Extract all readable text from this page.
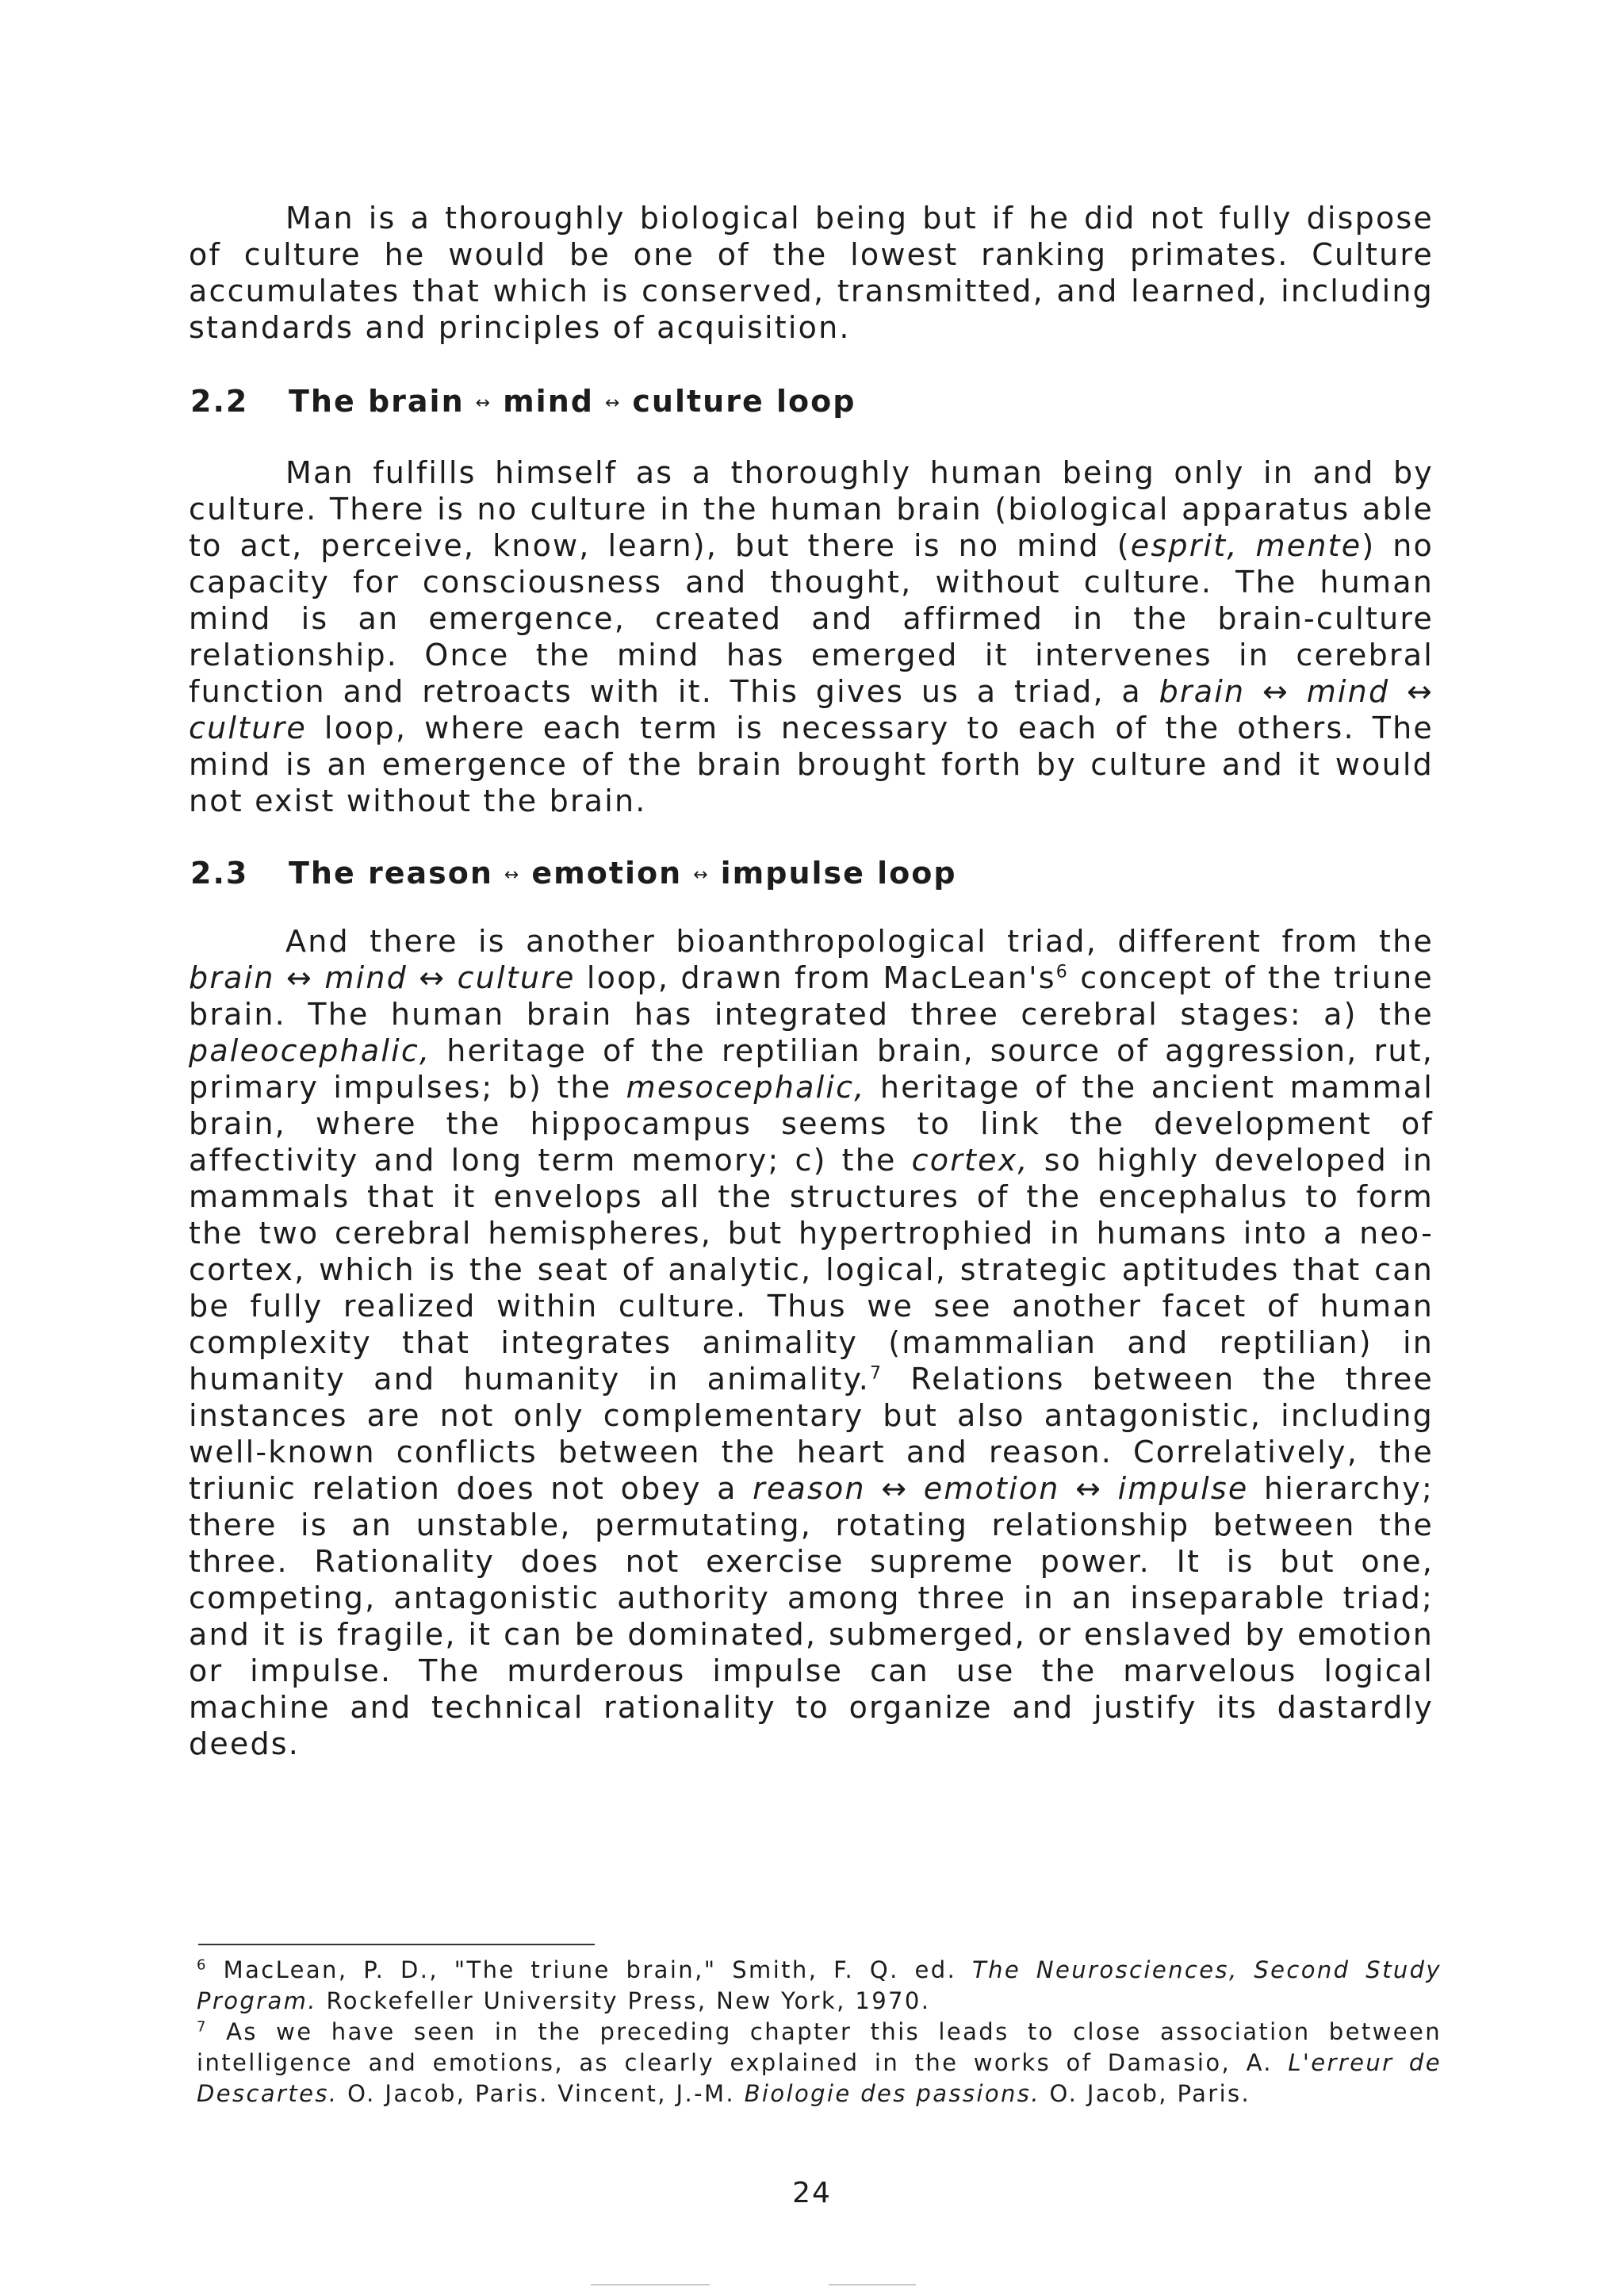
Man is a thoroughly biological being but if he did not fully dispose of culture he would be one of the lowest ranking primates. Culture accumulates that which is conserved, transmitted, and learned, including standards and principles of acquisition.

2.2 The brain ↔ mind ↔ culture loop

Man fulfills himself as a thoroughly human being only in and by culture. There is no culture in the human brain (biological apparatus able to act, perceive, know, learn), but there is no mind (esprit, mente) no capacity for consciousness and thought, without culture. The human mind is an emergence, created and affirmed in the brain-culture relationship. Once the mind has emerged it intervenes in cerebral function and retroacts with it. This gives us a triad, a brain ↔ mind ↔ culture loop, where each term is necessary to each of the others. The mind is an emergence of the brain brought forth by culture and it would not exist without the brain.

2.3 The reason ↔ emotion ↔ impulse loop

And there is another bioanthropological triad, different from the brain ↔ mind ↔ culture loop, drawn from $MacLean's^6$ concept of the triune brain. The human brain has integrated three cerebral stages: a) the paleocephalic, heritage of the reptilian brain, source of aggression, rut, primary impulses; b) the mesocephalic, heritage of the ancient mammal brain, where the hippocampus seems to link the development of affectivity and long term memory; c) the cortex, so highly developed in mammals that it envelops all the structures of the encephalus to form the two cerebral hemispheres, but hypertrophied in humans into a neo-cortex, which is the seat of analytic, logical, strategic aptitudes that can be fully realized within culture. Thus we see another facet of human complexity that integrates animality (mammalian and reptilian) in humanity and humanity in animality.$^7$ Relations between the three instances are not only complementary but also antagonistic, including well-known conflicts between the heart and reason. Correlatively, the triunic relation does not obey a reason ↔ emotion ↔ impulse hierarchy; there is an unstable, permutating, rotating relationship between the three. Rationality does not exercise supreme power. It is but one, competing, antagonistic authority among three in an inseparable triad; and it is fragile, it can be dominated, submerged, or enslaved by emotion or impulse. The murderous impulse can use the marvelous logical machine and technical rationality to organize and justify its dastardly deeds.

$^6$ MacLean, P. D., "The triune brain," Smith, F. Q. ed. The Neurosciences, Second Study Program. Rockefeller University Press, New York, 1970.

$^7$ As we have seen in the preceding chapter this leads to close association between intelligence and emotions, as clearly explained in the works of Damasio, A. L'erreur de Descartes. O. Jacob, Paris. Vincent, J.-M. Biologie des passions. O. Jacob, Paris.

24
